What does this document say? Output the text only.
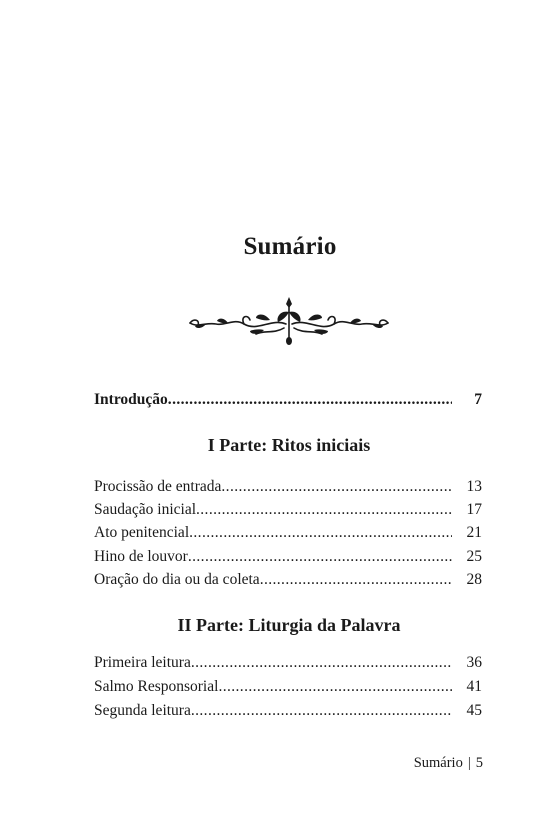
Sumário
Introdução .....	7
I Parte: Ritos iniciais
Procissão de entrada .....	13
Saudação inicial .....	17
Ato penitencial .....	21
Hino de louvor .....	25
Oração do dia ou da coleta .....	28
II Parte: Liturgia da Palavra
Primeira leitura .....	36
Salmo Responsorial .....	41
Segunda leitura .....	45
Sumário | 5
